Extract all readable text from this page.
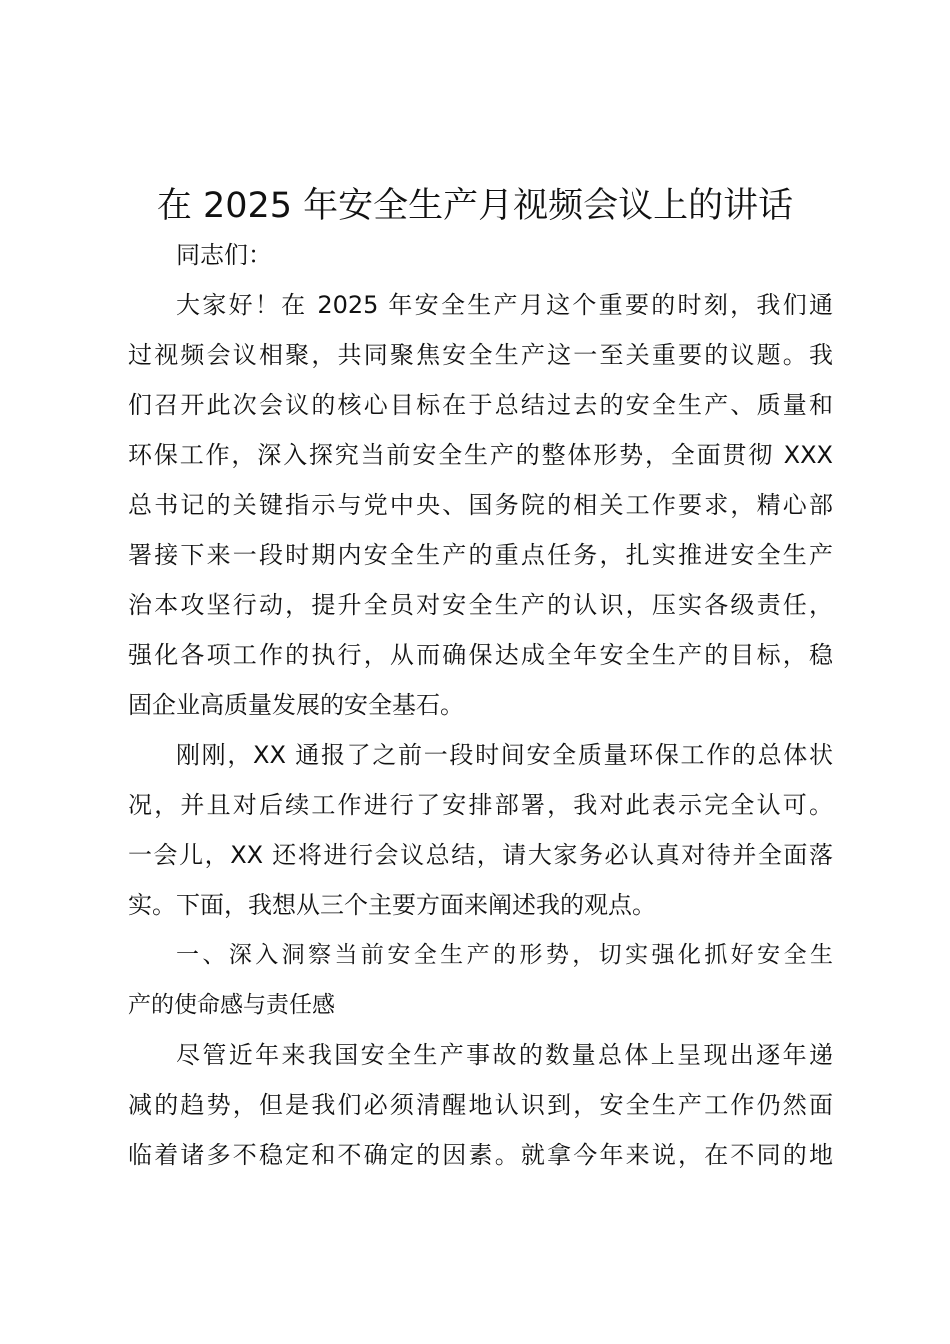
在 2025 年安全生产月视频会议上的讲话
同志们：
大家好！在 2025 年安全生产月这个重要的时刻，我们通
过视频会议相聚，共同聚焦安全生产这一至关重要的议题。我
们召开此次会议的核心目标在于总结过去的安全生产、质量和
环保工作，深入探究当前安全生产的整体形势，全面贯彻 XXX
总书记的关键指示与党中央、国务院的相关工作要求，精心部
署接下来一段时期内安全生产的重点任务，扎实推进安全生产
治本攻坚行动，提升全员对安全生产的认识，压实各级责任，
强化各项工作的执行，从而确保达成全年安全生产的目标，稳
固企业高质量发展的安全基石。
刚刚，XX 通报了之前一段时间安全质量环保工作的总体状
况，并且对后续工作进行了安排部署，我对此表示完全认可。
一会儿，XX 还将进行会议总结，请大家务必认真对待并全面落
实。下面，我想从三个主要方面来阐述我的观点。
一、深入洞察当前安全生产的形势，切实强化抓好安全生
产的使命感与责任感
尽管近年来我国安全生产事故的数量总体上呈现出逐年递
减的趋势，但是我们必须清醒地认识到，安全生产工作仍然面
临着诸多不稳定和不确定的因素。就拿今年来说，在不同的地
